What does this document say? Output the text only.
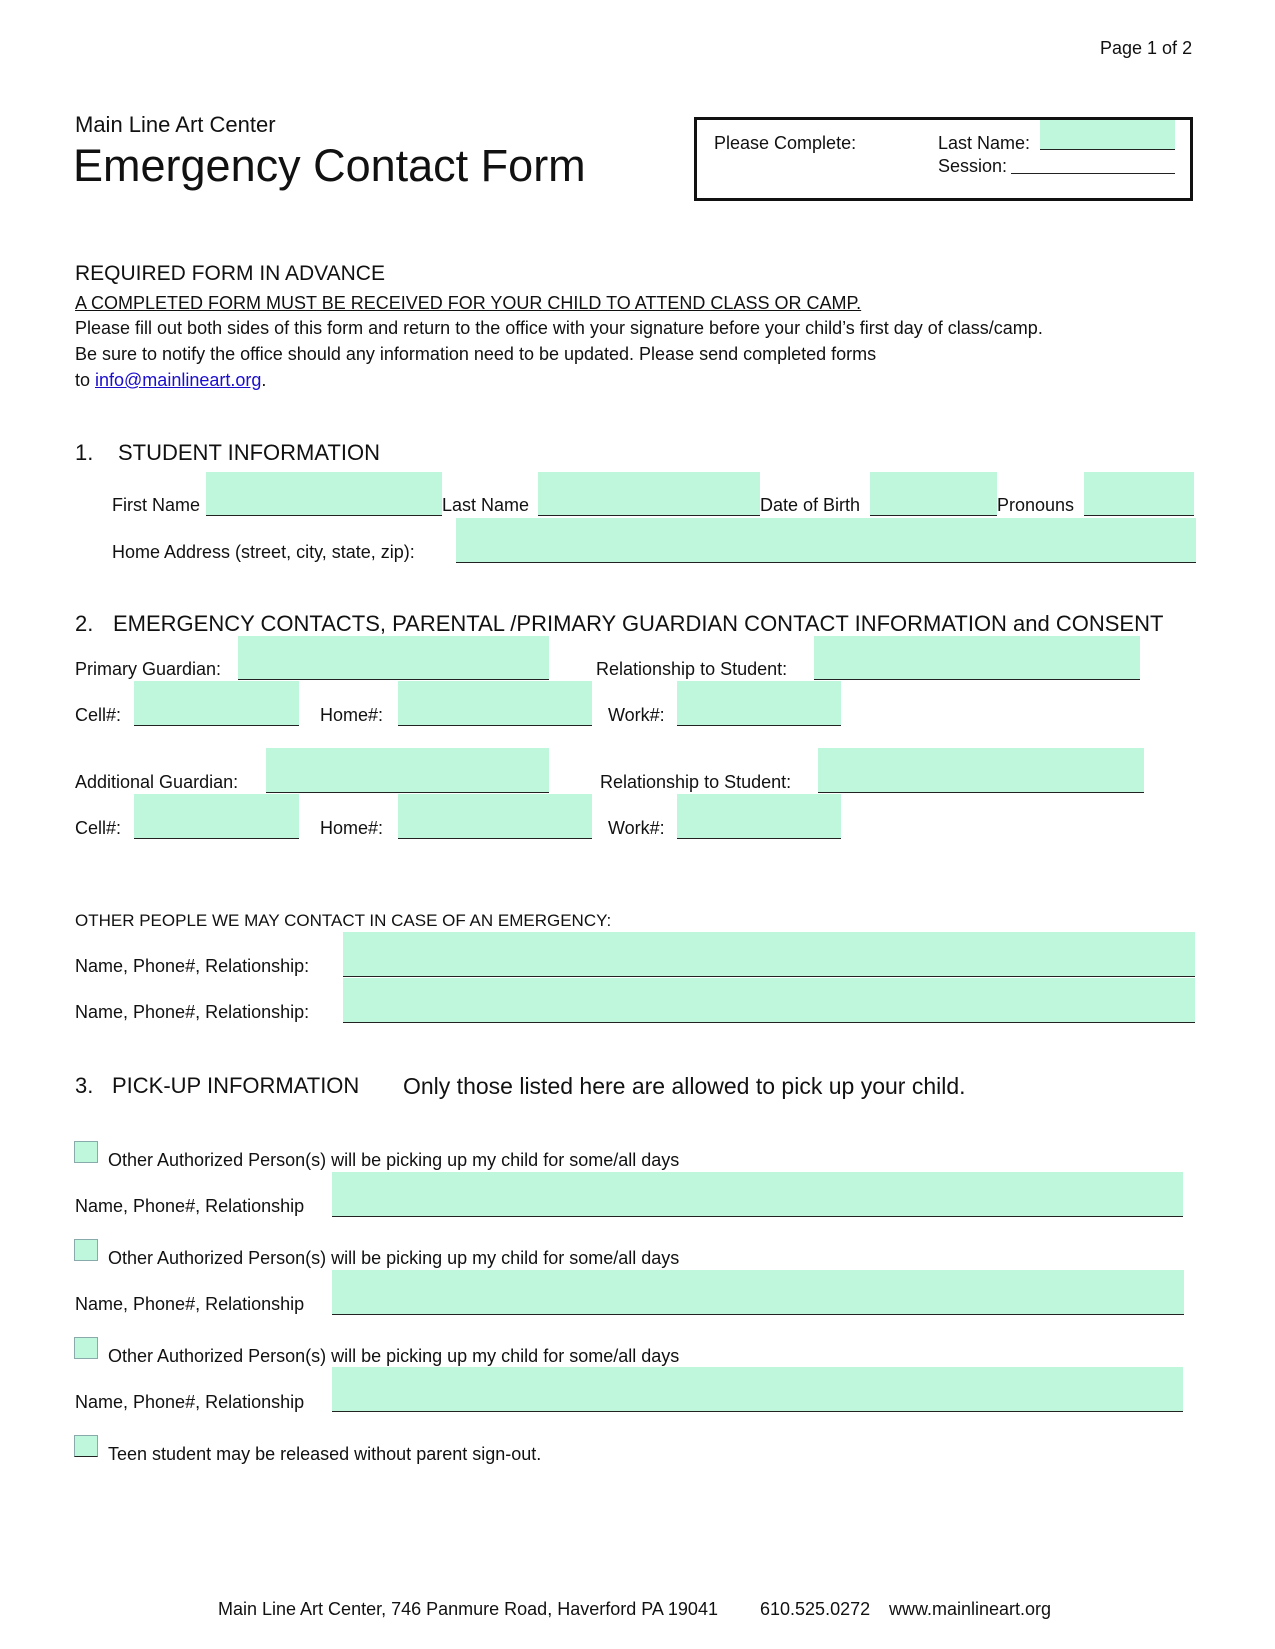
Page 1 of 2
Main Line Art Center
Emergency Contact Form	Please Complete:	Last Name:
Session:
REQUIRED FORM IN ADVANCE
A COMPLETED FORM MUST BE RECEIVED FOR YOUR CHILD TO ATTEND CLASS OR CAMP.
Please fill out both sides of this form and return to the office with your signature before your child’s first day of class/camp.
Be sure to notify the office should any information need to be updated. Please send completed forms
to info@mainlineart.org.
1. STUDENT INFORMATION
First Name	Last Name	Date of Birth	Pronouns
Home Address (street, city, state, zip):
2. EMERGENCY CONTACTS, PARENTAL /PRIMARY GUARDIAN CONTACT INFORMATION and CONSENT
Primary Guardian:	Relationship to Student:
Cell#:	Home#:	Work#:
Additional Guardian:	Relationship to Student:
Cell#:	Home#:	Work#:
OTHER PEOPLE WE MAY CONTACT IN CASE OF AN EMERGENCY:
Name, Phone#, Relationship:
Name, Phone#, Relationship:
3. PICK-UP INFORMATION Only those listed here are allowed to pick up your child.
Other Authorized Person(s) will be picking up my child for some/all days
Name, Phone#, Relationship
Other Authorized Person(s) will be picking up my child for some/all days
Name, Phone#, Relationship
Other Authorized Person(s) will be picking up my child for some/all days
Name, Phone#, Relationship
Teen student may be released without parent sign-out.
Main Line Art Center, 746 Panmure Road, Haverford PA 19041 610.525.0272 www.mainlineart.org
